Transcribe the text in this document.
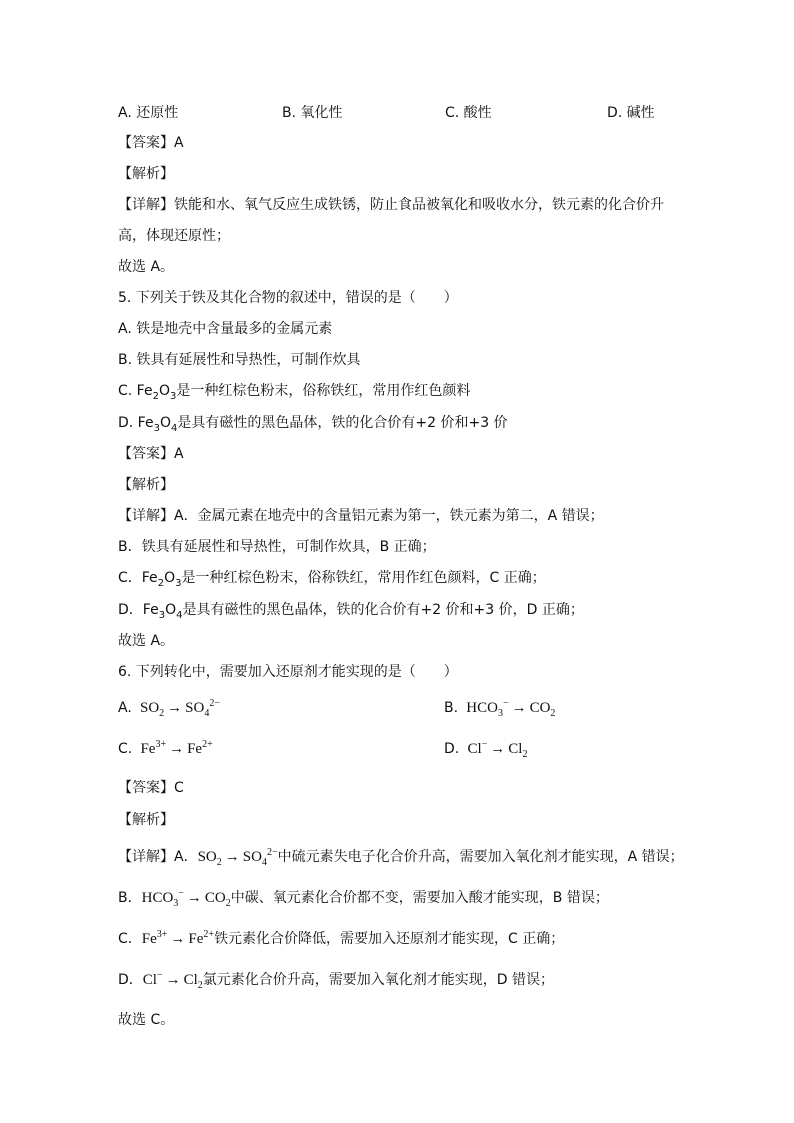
A. 还原性	B. 氧化性	C. 酸性	D. 碱性
【答案】A
【解析】
【详解】铁能和水、氧气反应生成铁锈，防止食品被氧化和吸收水分，铁元素的化合价升
高，体现还原性；
故选 A。
5. 下列关于铁及其化合物的叙述中，错误的是（　　）
A. 铁是地壳中含量最多的金属元素
B. 铁具有延展性和导热性，可制作炊具
C. $Fe_2O_3$是一种红棕色粉末，俗称铁红，常用作红色颜料
D. $Fe_3O_4$是具有磁性的黑色晶体，铁的化合价有+2 价和+3 价
【答案】A
【解析】
【详解】A．金属元素在地壳中的含量铝元素为第一，铁元素为第二，A 错误；
B．铁具有延展性和导热性，可制作炊具，B 正确；
C．$Fe_2O_3$是一种红棕色粉末，俗称铁红，常用作红色颜料，C 正确；
D．$Fe_3O_4$是具有磁性的黑色晶体，铁的化合价有+2 价和+3 价，D 正确；
故选 A。
6. 下列转化中，需要加入还原剂才能实现的是（　　）
A. $SO_2 \to SO_4^{2-}$	B. $HCO_3^- \to CO_2$
C. $Fe^{3+} \to Fe^{2+}$	D. $Cl^- \to Cl_2$
【答案】C
【解析】
【详解】A．$SO_2 \to SO_4^{2-}$中硫元素失电子化合价升高，需要加入氧化剂才能实现，A 错误；
B．$HCO_3^- \to CO_2$中碳、氧元素化合价都不变，需要加入酸才能实现，B 错误；
C．$Fe^{3+} \to Fe^{2+}$铁元素化合价降低，需要加入还原剂才能实现，C 正确；
D．$Cl^- \to Cl_2$氯元素化合价升高，需要加入氧化剂才能实现，D 错误；
故选 C。
